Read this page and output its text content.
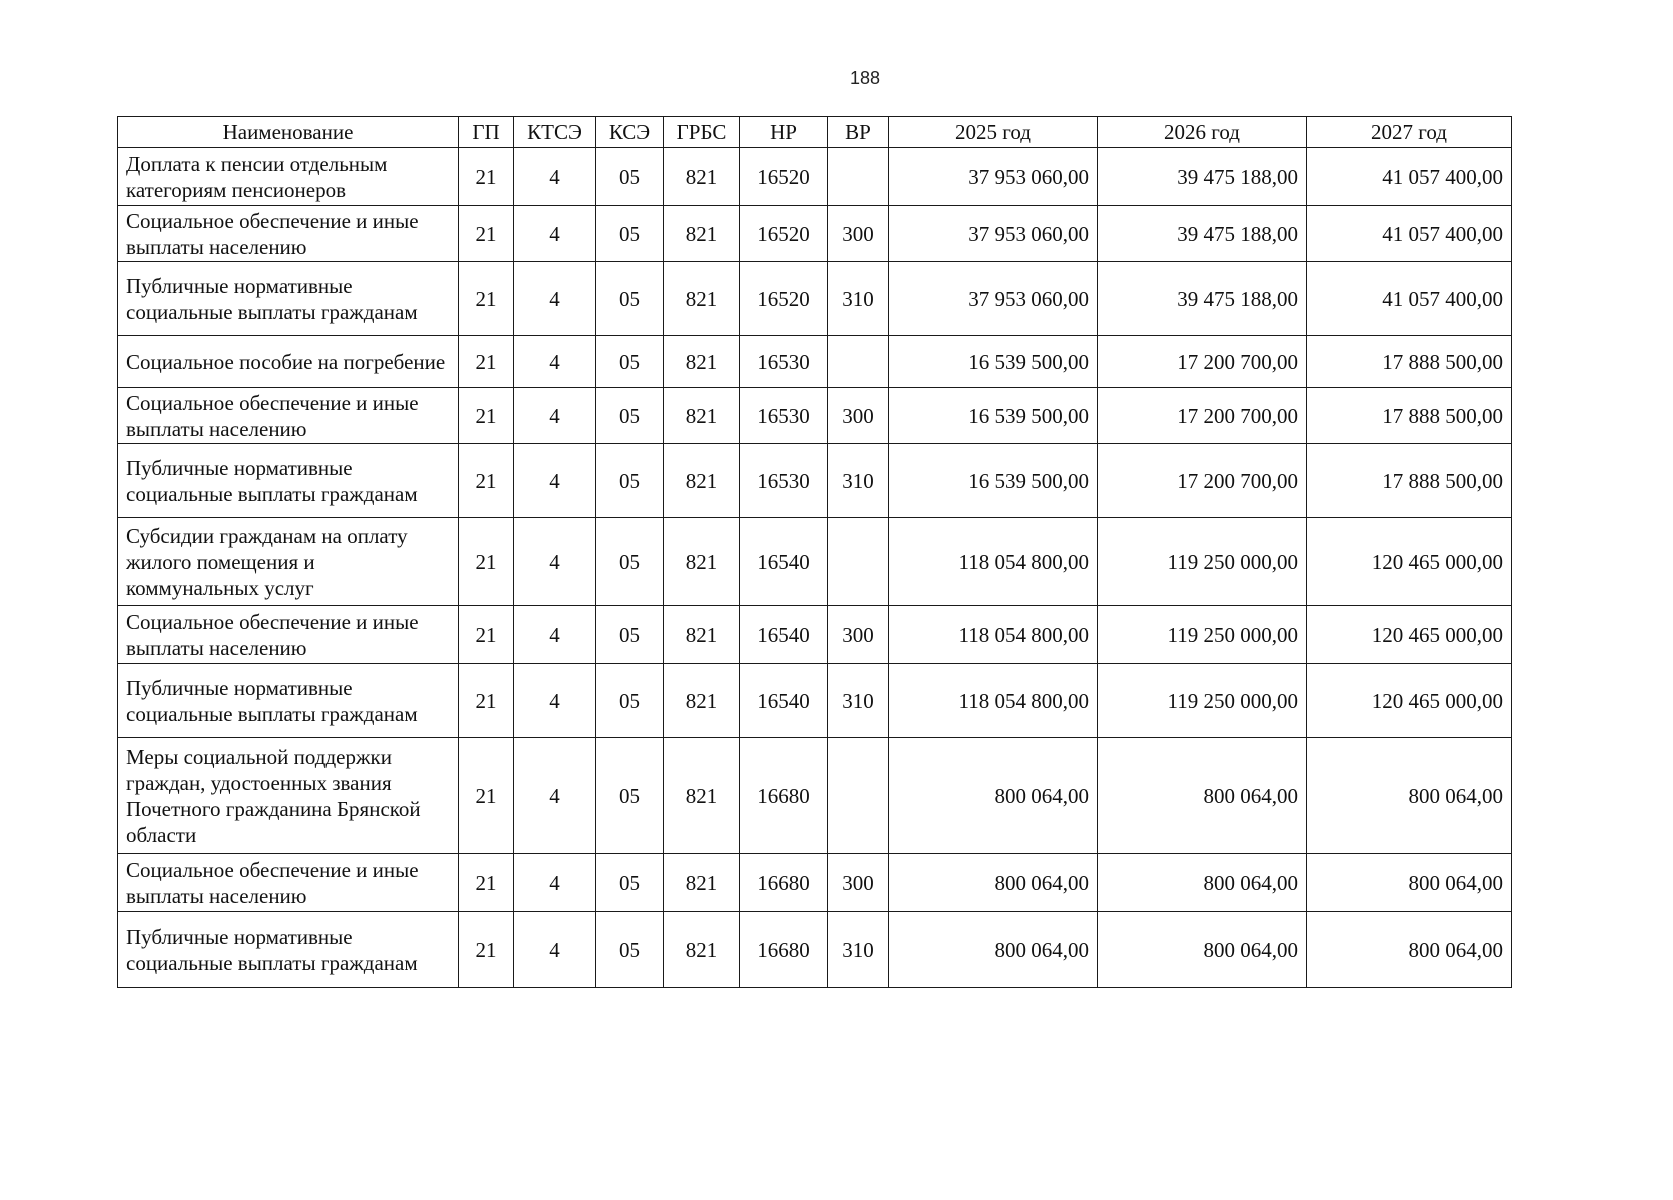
188
Наименование	ГП	КТСЭ	КСЭ	ГРБС	НР	ВР	2025 год	2026 год	2027 год
Доплата к пенсии отдельным категориям пенсионеров	21	4	05	821	16520		37 953 060,00	39 475 188,00	41 057 400,00
Социальное обеспечение и иные выплаты населению	21	4	05	821	16520	300	37 953 060,00	39 475 188,00	41 057 400,00
Публичные нормативные социальные выплаты гражданам	21	4	05	821	16520	310	37 953 060,00	39 475 188,00	41 057 400,00
Социальное пособие на погребение	21	4	05	821	16530		16 539 500,00	17 200 700,00	17 888 500,00
Социальное обеспечение и иные выплаты населению	21	4	05	821	16530	300	16 539 500,00	17 200 700,00	17 888 500,00
Публичные нормативные социальные выплаты гражданам	21	4	05	821	16530	310	16 539 500,00	17 200 700,00	17 888 500,00
Субсидии гражданам на оплату жилого помещения и коммунальных услуг	21	4	05	821	16540		118 054 800,00	119 250 000,00	120 465 000,00
Социальное обеспечение и иные выплаты населению	21	4	05	821	16540	300	118 054 800,00	119 250 000,00	120 465 000,00
Публичные нормативные социальные выплаты гражданам	21	4	05	821	16540	310	118 054 800,00	119 250 000,00	120 465 000,00
Меры социальной поддержки граждан, удостоенных звания Почетного гражданина Брянской области	21	4	05	821	16680		800 064,00	800 064,00	800 064,00
Социальное обеспечение и иные выплаты населению	21	4	05	821	16680	300	800 064,00	800 064,00	800 064,00
Публичные нормативные социальные выплаты гражданам	21	4	05	821	16680	310	800 064,00	800 064,00	800 064,00
